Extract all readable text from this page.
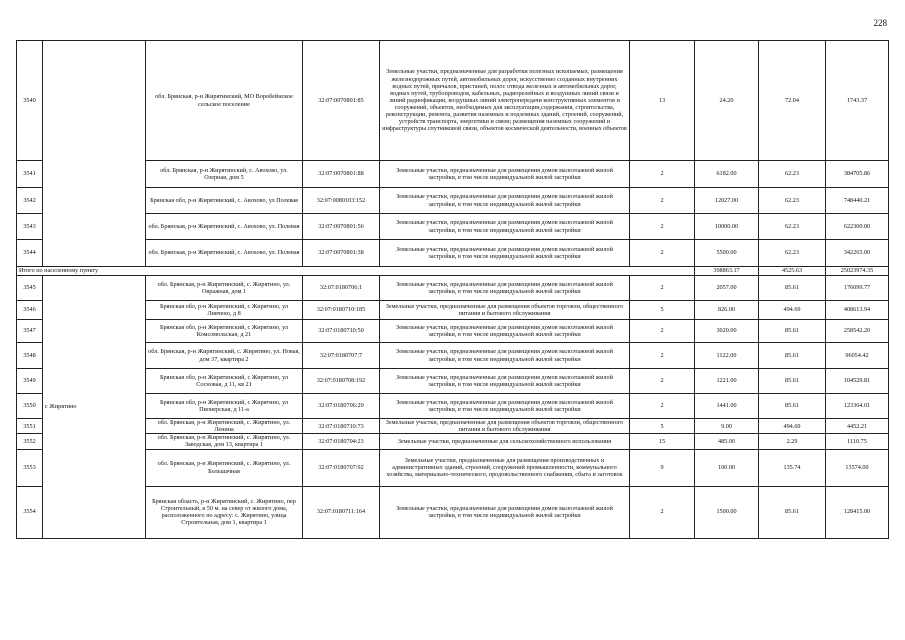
228
3540		обл. Брянская, р-н Жирятинский, МО Воробейнское сельское поселение	32:07:0070801:85	Земельные участки, предназначенные для разработки полезных ископаемых, размещения железнодорожных путей, автомобильных дорог, искусственно созданных внутренних водных путей, причалов, пристаней, полос отвода железных и автомобильных дорог, водных путей, трубопроводов, кабельных, радиорелейных и воздушных линий связи и линий радиофикации, воздушных линий электропередачи конструктивных элементов и сооружений, объектов, необходимых для эксплуатации,содержания, строительства, реконструкции, ремонта, развития наземных и подземных зданий, строений, сооружений, устройств транспорта, энергетики и связи; размещения наземных сооружений и инфраструктуры спутниковой связи, объектов космической деятельности, военных объектов	13	24.20	72.04	1743.37
3541		обл. Брянская, р-н Жирятинский, с. Авохово, ул. Озерная, дом 5	32:07:0070801:88	Земельные участки, предназначенные для размещения домов малоэтажной жилой застройки, в том числе индивидуальной жилой застройки	2	6182.00	62.23	384705.86
3542		Брянская обл, р-н Жирятинский, с. Авохово, ул Полевая	32:07:0080103:152	Земельные участки, предназначенные для размещения домов малоэтажной жилой застройки, в том числе индивидуальной жилой застройки	2	12027.00	62.23	748440.21
3543		обл. Брянская, р-н Жирятинский, с. Авохово, ул. Полевая	32:07:0070801:56	Земельные участки, предназначенные для размещения домов малоэтажной жилой застройки, в том числе индивидуальной жилой застройки	2	10000.00	62.23	622300.00
3544		обл. Брянская, р-н Жирятинский, с. Авохово, ул. Полевая	32:07:0070801:38	Земельные участки, предназначенные для размещения домов малоэтажной жилой застройки, в том числе индивидуальной жилой застройки	2	5500.00	62.23	342265.00
Итого по населенному пункту						398863.17	4525.63	25023974.35
3545	с Жирятино	обл. Брянская, р-н Жирятинский, с. Жирятино, ул. Овражная, дом 1	32:07:0180706:1	Земельные участки, предназначенные для размещения домов малоэтажной жилой застройки, в том числе индивидуальной жилой застройки	2	2057.00	85.61	176099.77
3546		Брянская обл, р-н Жирятинский, с Жирятино, ул Ливчено, д 8	32:07:0180710:185	Земельные участки, предназначенные для размещения объектов торговли, общественного питания и бытового обслуживания	5	826.00	494.69	408613.94
3547		Брянская обл, р-н Жирятинский, с Жирятино, ул Комсомольская, д 21	32:07:0180710:50	Земельные участки, предназначенные для размещения домов малоэтажной жилой застройки, в том числе индивидуальной жилой застройки	2	3020.00	85.61	258542.20
3548		обл. Брянская, р-н Жирятинский, с. Жирятино, ул. Новая, дом 37, квартира 2	32:07:0180707:7	Земельные участки, предназначенные для размещения домов малоэтажной жилой застройки, в том числе индивидуальной жилой застройки	2	1122.00	85.61	96054.42
3549		Брянская обл, р-н Жирятинский, с Жирятино, ул Сосновая, д 11, кв 21	32:07:0180708:192	Земельные участки, предназначенные для размещения домов малоэтажной жилой застройки, в том числе индивидуальной жилой застройки	2	1221.00	85.61	104529.81
3550		Брянская обл, р-н Жирятинский, с Жирятино, ул Пионерская, д 11-а	32:07:0180706:20	Земельные участки, предназначенные для размещения домов малоэтажной жилой застройки, в том числе индивидуальной жилой застройки	2	1441.00	85.61	123364.01
3551		обл. Брянская, р-н Жирятинский, с. Жирятино, ул. Ленина	32:07:0180710:73	Земельные участки, предназначенные для размещения объектов торговли, общественного питания и бытового обслуживания	5	9.00	494.69	4452.21
3552		обл. Брянская, р-н Жирятинский, с. Жирятино, ул. Заводская, дом 13, квартира 1	32:07:0180704:23	Земельные участки, предназначенные для сельскохозяйственного использования	15	485.00	2.29	1110.75
3553		обл. Брянская, р-н Жирятинский, с. Жирятино, ул. Большачная	32:07:0180707:92	Земельные участки, предназначенные для размещения производственных и административных зданий, строений, сооружений промышленности, коммунального хозяйства, материально-технического, продовольственного снабжения, сбыта и заготовок	9	100.00	135.74	13574.00
3554		Брянская область, р-н Жирятинский, с. Жирятино, пер Строительный, в 50 м. на север от жилого дома, расположенного по адресу: с. Жирятино, улица Строительная, дом 1, квартира 1	32:07:0180711:164	Земельные участки, предназначенные для размещения домов малоэтажной жилой застройки, в том числе индивидуальной жилой застройки	2	1500.00	85.61	128415.00
